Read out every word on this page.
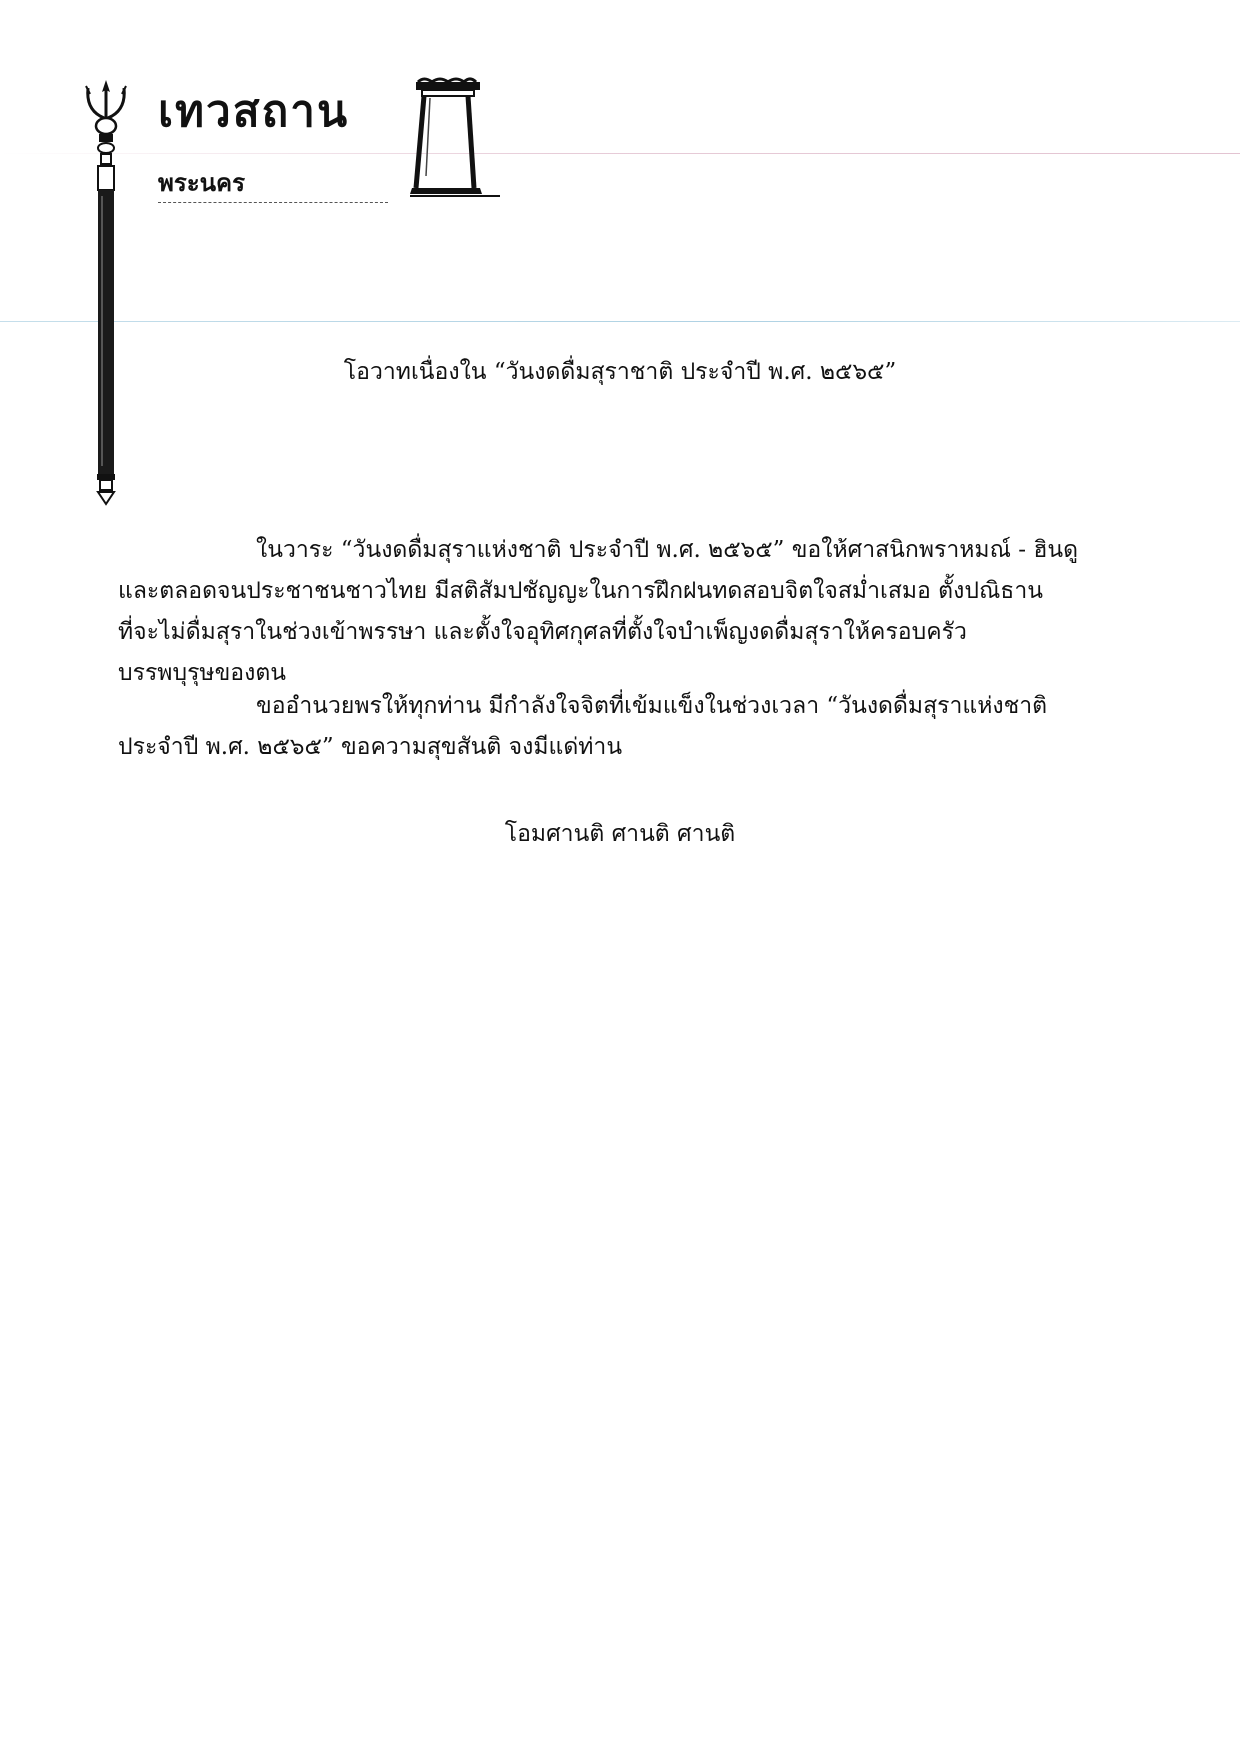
เทวสถาน
พระนคร
โอวาทเนื่องใน “วันงดดื่มสุราชาติ ประจำปี พ.ศ. ๒๕๖๕”

ในวาระ “วันงดดื่มสุราแห่งชาติ ประจำปี พ.ศ. ๒๕๖๕” ขอให้ศาสนิกพราหมณ์ - ฮินดู
และตลอดจนประชาชนชาวไทย มีสติสัมปชัญญะในการฝึกฝนทดสอบจิตใจสม่ำเสมอ ตั้งปณิธาน
ที่จะไม่ดื่มสุราในช่วงเข้าพรรษา และตั้งใจอุทิศกุศลที่ตั้งใจบำเพ็ญงดดื่มสุราให้ครอบครัว
บรรพบุรุษของตน

ขออำนวยพรให้ทุกท่าน มีกำลังใจจิตที่เข้มแข็งในช่วงเวลา “วันงดดื่มสุราแห่งชาติ
ประจำปี พ.ศ. ๒๕๖๕” ขอความสุขสันติ จงมีแด่ท่าน

โอมศานติ ศานติ ศานติ
